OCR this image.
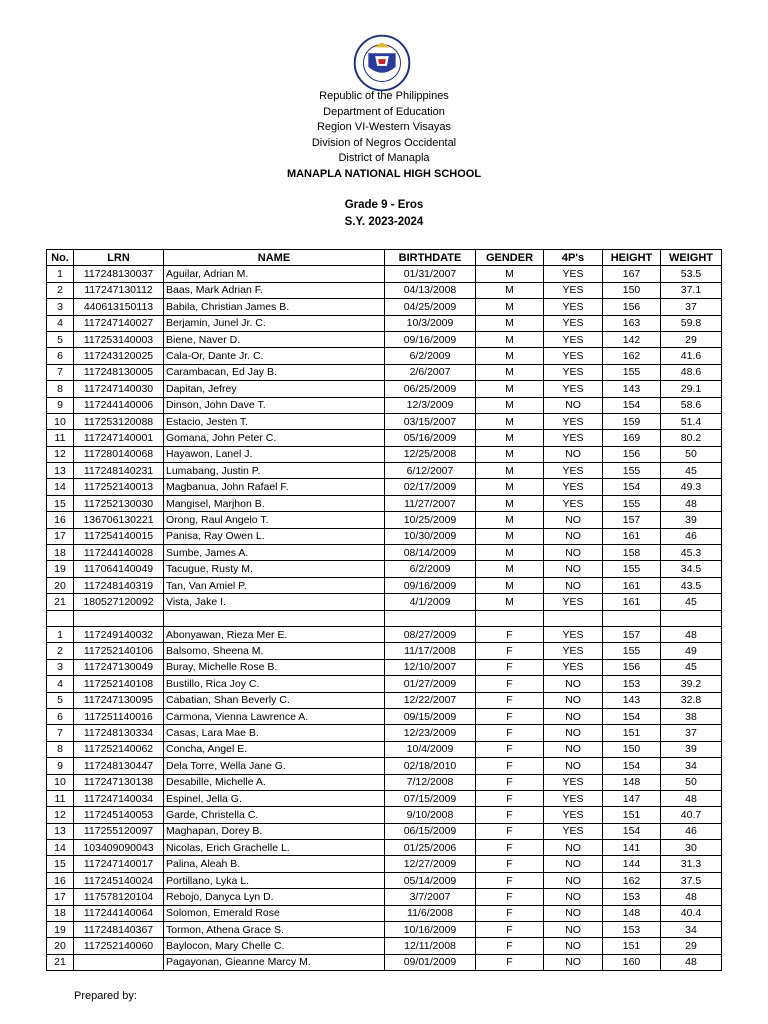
Republic of the Philippines
Department of Education
Region VI-Western Visayas
Division of Negros Occidental
District of Manapla
MANAPLA NATIONAL HIGH SCHOOL
Grade 9 - Eros
S.Y. 2023-2024
No.	LRN	NAME	BIRTHDATE	GENDER	4P's	HEIGHT	WEIGHT
1	117248130037	Aguilar, Adrian M.	01/31/2007	M	YES	167	53.5
2	117247130112	Baas, Mark Adrian F.	04/13/2008	M	YES	150	37.1
3	440613150113	Babila, Christian James B.	04/25/2009	M	YES	156	37
4	117247140027	Berjamin, Junel Jr. C.	10/3/2009	M	YES	163	59.8
5	117253140003	Biene, Naver D.	09/16/2009	M	YES	142	29
6	117243120025	Cala-Or, Dante Jr. C.	6/2/2009	M	YES	162	41.6
7	117248130005	Carambacan, Ed Jay B.	2/6/2007	M	YES	155	48.6
8	117247140030	Dapitan, Jefrey	06/25/2009	M	YES	143	29.1
9	117244140006	Dinson, John Dave T.	12/3/2009	M	NO	154	58.6
10	117253120088	Estacio, Jesten T.	03/15/2007	M	YES	159	51.4
11	117247140001	Gomana, John Peter C.	05/16/2009	M	YES	169	80.2
12	117280140068	Hayawon, Lanel J.	12/25/2008	M	NO	156	50
13	117248140231	Lumabang, Justin P.	6/12/2007	M	YES	155	45
14	117252140013	Magbanua, John Rafael F.	02/17/2009	M	YES	154	49.3
15	117252130030	Mangisel, Marjhon B.	11/27/2007	M	YES	155	48
16	136706130221	Orong, Raul Angelo T.	10/25/2009	M	NO	157	39
17	117254140015	Panisa, Ray Owen L.	10/30/2009	M	NO	161	46
18	117244140028	Sumbe, James A.	08/14/2009	M	NO	158	45.3
19	117064140049	Tacugue, Rusty M.	6/2/2009	M	NO	155	34.5
20	117248140319	Tan, Van Amiel P.	09/16/2009	M	NO	161	43.5
21	180527120092	Vista, Jake I.	4/1/2009	M	YES	161	45

1	117249140032	Abonyawan, Rieza Mer E.	08/27/2009	F	YES	157	48
2	117252140106	Balsomo, Sheena M.	11/17/2008	F	YES	155	49
3	117247130049	Buray, Michelle Rose B.	12/10/2007	F	YES	156	45
4	117252140108	Bustillo, Rica Joy C.	01/27/2009	F	NO	153	39.2
5	117247130095	Cabatian, Shan Beverly C.	12/22/2007	F	NO	143	32.8
6	117251140016	Carmona, Vienna Lawrence A.	09/15/2009	F	NO	154	38
7	117248130334	Casas, Lara Mae B.	12/23/2009	F	NO	151	37
8	117252140062	Concha, Angel E.	10/4/2009	F	NO	150	39
9	117248130447	Dela Torre, Wella Jane G.	02/18/2010	F	NO	154	34
10	117247130138	Desabille, Michelle A.	7/12/2008	F	YES	148	50
11	117247140034	Espinel, Jella G.	07/15/2009	F	YES	147	48
12	117245140053	Garde, Christella C.	9/10/2008	F	YES	151	40.7
13	117255120097	Maghapan, Dorey B.	06/15/2009	F	YES	154	46
14	103409090043	Nicolas, Erich Grachelle L.	01/25/2006	F	NO	141	30
15	117247140017	Palina, Aleah B.	12/27/2009	F	NO	144	31.3
16	117245140024	Portillano, Lyka L.	05/14/2009	F	NO	162	37.5
17	117578120104	Rebojo, Danyca Lyn D.	3/7/2007	F	NO	153	48
18	117244140064	Solomon, Emerald Rose	11/6/2008	F	NO	148	40.4
19	117248140367	Tormon, Athena Grace S.	10/16/2009	F	NO	153	34
20	117252140060	Baylocon, Mary Chelle C.	12/11/2008	F	NO	151	29
21		Pagayonan, Gieanne Marcy M.	09/01/2009	F	NO	160	48
Prepared by:
